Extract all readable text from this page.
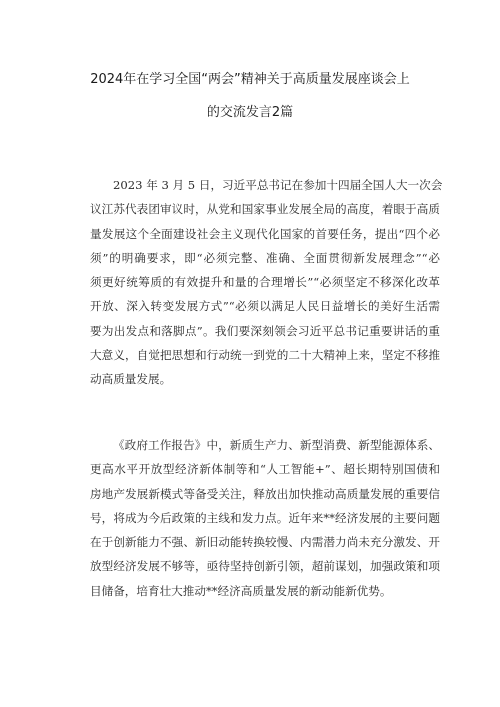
2024年在学习全国“两会”精神关于高质量发展座谈会上
的交流发言2篇
2023 年 3 月 5 日，习近平总书记在参加十四届全国人大一次会
议江苏代表团审议时，从党和国家事业发展全局的高度，着眼于高质
量发展这个全面建设社会主义现代化国家的首要任务，提出“四个必
须”的明确要求，即“必须完整、准确、全面贯彻新发展理念”“必
须更好统筹质的有效提升和量的合理增长”“必须坚定不移深化改革
开放、深入转变发展方式”“必须以满足人民日益增长的美好生活需
要为出发点和落脚点”。我们要深刻领会习近平总书记重要讲话的重
大意义，自觉把思想和行动统一到党的二十大精神上来，坚定不移推
动高质量发展。
《政府工作报告》中，新质生产力、新型消费、新型能源体系、
更高水平开放型经济新体制等和“人工智能+”、超长期特别国债和
房地产发展新模式等备受关注，释放出加快推动高质量发展的重要信
号，将成为今后政策的主线和发力点。近年来**经济发展的主要问题
在于创新能力不强、新旧动能转换较慢、内需潜力尚未充分激发、开
放型经济发展不够等，亟待坚持创新引领，超前谋划，加强政策和项
目储备，培育壮大推动**经济高质量发展的新动能新优势。
